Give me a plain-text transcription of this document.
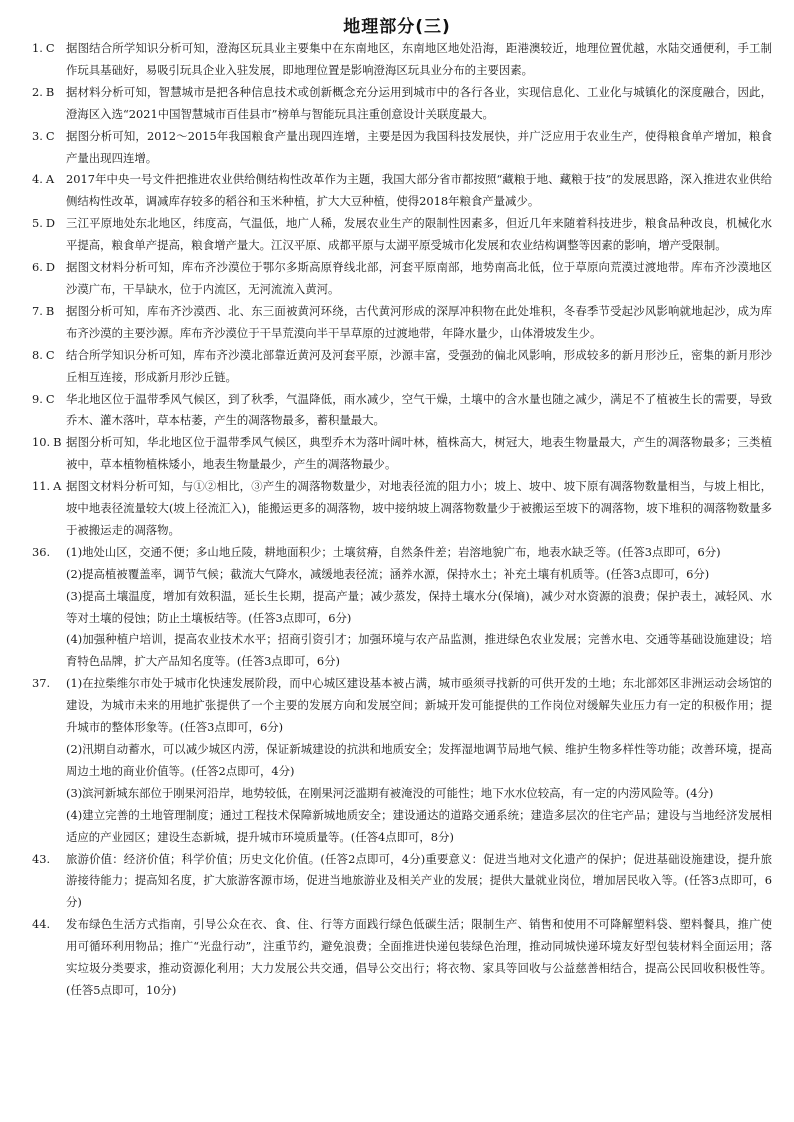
地理部分(三)
1. C 据图结合所学知识分析可知，澄海区玩具业主要集中在东南地区，东南地区地处沿海，距港澳较近，地理位置优越，水陆交通便利，手工制作玩具基础好，易吸引玩具企业入驻发展，即地理位置是影响澄海区玩具业分布的主要因素。
2. B 据材料分析可知，智慧城市是把各种信息技术或创新概念充分运用到城市中的各行各业，实现信息化、工业化与城镇化的深度融合，因此，澄海区入选“2021中国智慧城市百佳县市”榜单与智能玩具注重创意设计关联度最大。
3. C 据图分析可知，2012～2015年我国粮食产量出现四连增，主要是因为我国科技发展快，并广泛应用于农业生产，使得粮食单产增加，粮食产量出现四连增。
4. A 2017年中央一号文件把推进农业供给侧结构性改革作为主题，我国大部分省市都按照“藏粮于地、藏粮于技”的发展思路，深入推进农业供给侧结构性改革，调减库存较多的稻谷和玉米种植，扩大大豆种植，使得2018年粮食产量减少。
5. D 三江平原地处东北地区，纬度高，气温低，地广人稀，发展农业生产的限制性因素多，但近几年来随着科技进步，粮食品种改良，机械化水平提高，粮食单产提高，粮食增产量大。江汉平原、成都平原与太湖平原受城市化发展和农业结构调整等因素的影响，增产受限制。
6. D 据图文材料分析可知，库布齐沙漠位于鄂尔多斯高原脊线北部，河套平原南部，地势南高北低，位于草原向荒漠过渡地带。库布齐沙漠地区沙漠广布，干旱缺水，位于内流区，无河流流入黄河。
7. B 据图分析可知，库布齐沙漠西、北、东三面被黄河环绕，古代黄河形成的深厚冲积物在此处堆积，冬春季节受起沙风影响就地起沙，成为库布齐沙漠的主要沙源。库布齐沙漠位于干旱荒漠向半干旱草原的过渡地带，年降水量少，山体滑坡发生少。
8. C 结合所学知识分析可知，库布齐沙漠北部靠近黄河及河套平原，沙源丰富，受强劲的偏北风影响，形成较多的新月形沙丘，密集的新月形沙丘相互连接，形成新月形沙丘链。
9. C 华北地区位于温带季风气候区，到了秋季，气温降低，雨水减少，空气干燥，土壤中的含水量也随之减少，满足不了植被生长的需要，导致乔木、灌木落叶，草本枯萎，产生的凋落物最多，蓄积量最大。
10. B 据图分析可知，华北地区位于温带季风气候区，典型乔木为落叶阔叶林，植株高大，树冠大，地表生物量最大，产生的凋落物最多；三类植被中，草本植物植株矮小，地表生物量最少，产生的凋落物最少。
11. A 据图文材料分析可知，与①②相比，③产生的凋落物数量少，对地表径流的阻力小；坡上、坡中、坡下原有凋落物数量相当，与坡上相比，坡中地表径流量较大(坡上径流汇入)，能搬运更多的凋落物，坡中接纳坡上凋落物数量少于被搬运至坡下的凋落物，坡下堆积的凋落物数量多于被搬运走的凋落物。
36. (1)地处山区，交通不便；多山地丘陵，耕地面积少；土壤贫瘠，自然条件差；岩溶地貌广布，地表水缺乏等。(任答3点即可，6分)
(2)提高植被覆盖率，调节气候；截流大气降水，减缓地表径流；涵养水源，保持水土；补充土壤有机质等。(任答3点即可，6分)
(3)提高土壤温度，增加有效积温，延长生长期，提高产量；减少蒸发，保持土壤水分(保墒)，减少对水资源的浪费；保护表土，减轻风、水等对土壤的侵蚀；防止土壤板结等。(任答3点即可，6分)
(4)加强种植户培训，提高农业技术水平；招商引资引才；加强环境与农产品监测，推进绿色农业发展；完善水电、交通等基础设施建设；培育特色品牌，扩大产品知名度等。(任答3点即可，6分)
37. (1)在拉柴维尔市处于城市化快速发展阶段，而中心城区建设基本被占满，城市亟须寻找新的可供开发的土地；东北部郊区非洲运动会场馆的建设，为城市未来的用地扩张提供了一个主要的发展方向和发展空间；新城开发可能提供的工作岗位对缓解失业压力有一定的积极作用；提升城市的整体形象等。(任答3点即可，6分)
(2)汛期自动蓄水，可以减少城区内涝，保证新城建设的抗洪和地质安全；发挥湿地调节局地气候、维护生物多样性等功能；改善环境，提高周边土地的商业价值等。(任答2点即可，4分)
(3)滨河新城东部位于刚果河沿岸，地势较低，在刚果河泛滥期有被淹没的可能性；地下水水位较高，有一定的内涝风险等。(4分)
(4)建立完善的土地管理制度；通过工程技术保障新城地质安全；建设通达的道路交通系统；建造多层次的住宅产品；建设与当地经济发展相适应的产业园区；建设生态新城，提升城市环境质量等。(任答4点即可，8分)
43. 旅游价值：经济价值；科学价值；历史文化价值。(任答2点即可，4分)重要意义：促进当地对文化遗产的保护；促进基础设施建设，提升旅游接待能力；提高知名度，扩大旅游客源市场，促进当地旅游业及相关产业的发展；提供大量就业岗位，增加居民收入等。(任答3点即可，6分)
44. 发布绿色生活方式指南，引导公众在衣、食、住、行等方面践行绿色低碳生活；限制生产、销售和使用不可降解塑料袋、塑料餐具，推广使用可循环利用物品；推广“光盘行动”，注重节约，避免浪费；全面推进快递包装绿色治理，推动同城快递环境友好型包装材料全面运用；落实垃圾分类要求，推动资源化利用；大力发展公共交通，倡导公交出行；将衣物、家具等回收与公益慈善相结合，提高公民回收积极性等。(任答5点即可，10分)
